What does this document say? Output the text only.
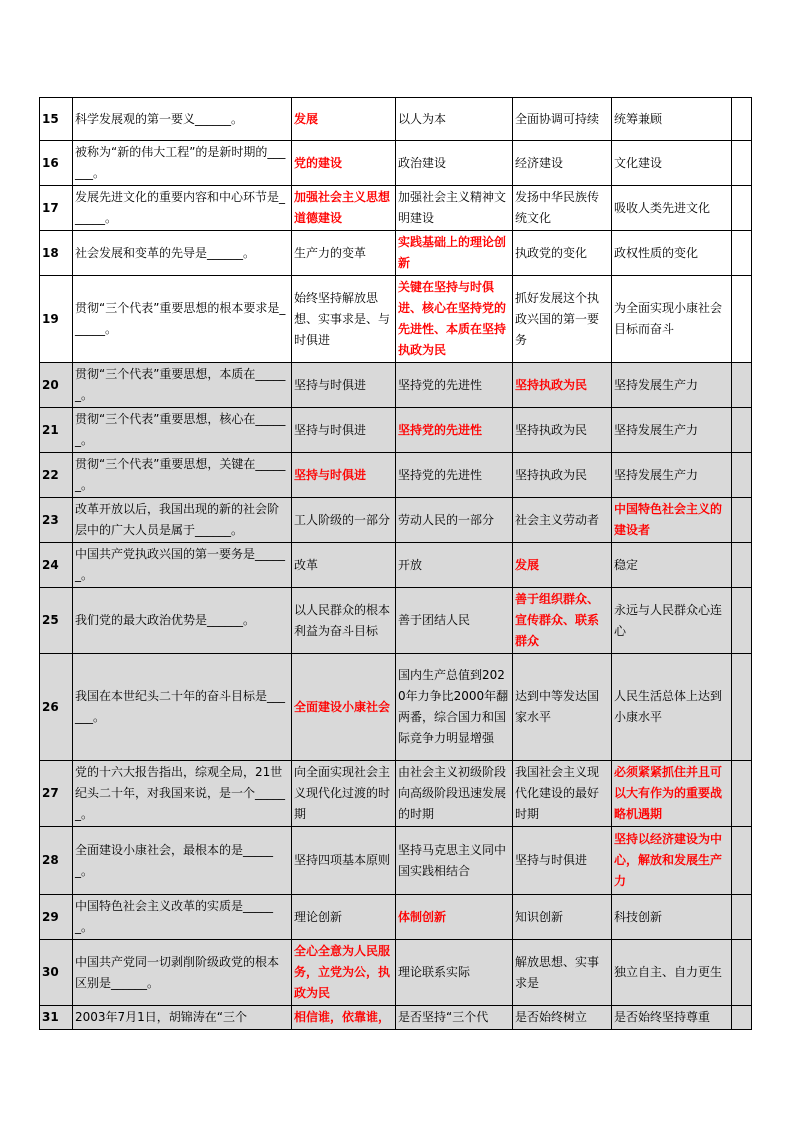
15	科学发展观的第一要义______。	发展	以人为本	全面协调可持续	统筹兼顾	
16	被称为“新的伟大工程”的是新时期的______。	党的建设	政治建设	经济建设	文化建设	
17	发展先进文化的重要内容和中心环节是______。	加强社会主义思想道德建设	加强社会主义精神文明建设	发扬中华民族传统文化	吸收人类先进文化	
18	社会发展和变革的先导是______。	生产力的变革	实践基础上的理论创新	执政党的变化	政权性质的变化	
19	贯彻“三个代表”重要思想的根本要求是______。	始终坚持解放思想、实事求是、与时俱进	关键在坚持与时俱进、核心在坚持党的先进性、本质在坚持执政为民	抓好发展这个执政兴国的第一要务	为全面实现小康社会目标而奋斗	
20	贯彻“三个代表”重要思想，本质在______。	坚持与时俱进	坚持党的先进性	坚持执政为民	坚持发展生产力	
21	贯彻“三个代表”重要思想，核心在______。	坚持与时俱进	坚持党的先进性	坚持执政为民	坚持发展生产力	
22	贯彻“三个代表”重要思想，关键在______。	坚持与时俱进	坚持党的先进性	坚持执政为民	坚持发展生产力	
23	改革开放以后，我国出现的新的社会阶层中的广大人员是属于______。	工人阶级的一部分	劳动人民的一部分	社会主义劳动者	中国特色社会主义的建设者	
24	中国共产党执政兴国的第一要务是______。	改革	开放	发展	稳定	
25	我们党的最大政治优势是______。	以人民群众的根本利益为奋斗目标	善于团结人民	善于组织群众、宣传群众、联系群众	永远与人民群众心连心	
26	我国在本世纪头二十年的奋斗目标是______。	全面建设小康社会	国内生产总值到2020年力争比2000年翻两番，综合国力和国际竞争力明显增强	达到中等发达国家水平	人民生活总体上达到小康水平	
27	党的十六大报告指出，综观全局，21世纪头二十年，对我国来说，是一个______。	向全面实现社会主义现代化过渡的时期	由社会主义初级阶段向高级阶段迅速发展的时期	我国社会主义现代化建设的最好时期	必须紧紧抓住并且可以大有作为的重要战略机遇期	
28	全面建设小康社会，最根本的是______。	坚持四项基本原则	坚持马克思主义同中国实践相结合	坚持与时俱进	坚持以经济建设为中心，解放和发展生产力	
29	中国特色社会主义改革的实质是______。	理论创新	体制创新	知识创新	科技创新	
30	中国共产党同一切剥削阶级政党的根本区别是______。	全心全意为人民服务，立党为公，执政为民	理论联系实际	解放思想、实事求是	独立自主、自力更生	
31	2003年7月1日，胡锦涛在“三个	相信谁，依靠谁，	是否坚持“三个代	是否始终树立	是否始终坚持尊重	
